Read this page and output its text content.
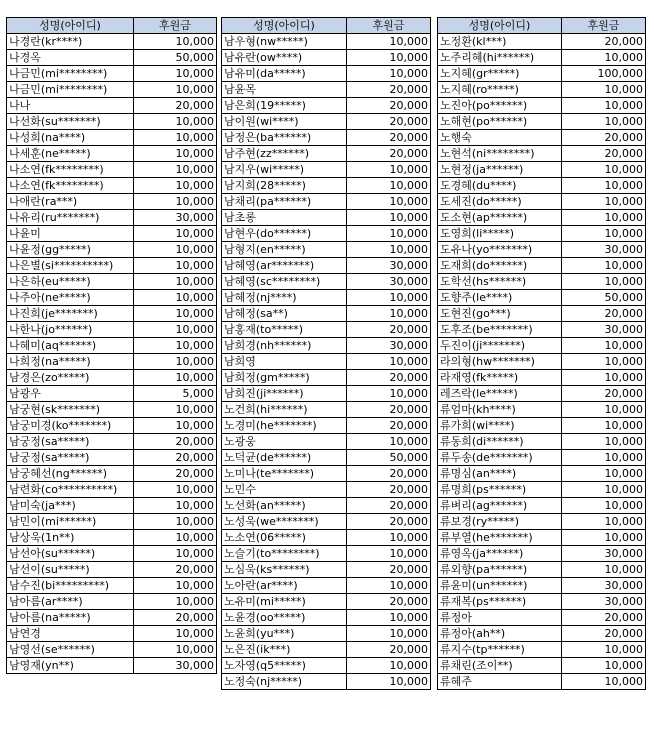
성명(아이디)	후원금
나경란(kr****)	10,000
나경옥	50,000
나금민(mi********)	10,000
나금민(mi********)	10,000
나나	20,000
나선화(su*******)	10,000
나성희(na****)	10,000
나세훈(ne*****)	10,000
나소연(fk********)	10,000
나소연(fk********)	10,000
나애란(ra***)	10,000
나유리(ru*******)	30,000
나윤미	10,000
나윤정(gg*****)	10,000
나은별(si**********)	10,000
나은하(eu*****)	10,000
나주아(ne*****)	10,000
나진희(je*******)	10,000
나한나(jo******)	10,000
나혜미(aq******)	10,000
나희정(na*****)	10,000
남경은(zo*****)	10,000
남광우	5,000
남궁현(sk*******)	10,000
남궁미경(ko*******)	10,000
남궁정(sa*****)	20,000
남궁정(sa*****)	20,000
남궁혜선(ng******)	20,000
남련화(co**********)	10,000
남미숙(ja***)	10,000
남민이(mi******)	10,000
남상욱(1n**)	10,000
남선아(su******)	10,000
남선이(su*****)	20,000
남수진(bi*********)	10,000
남아름(ar****)	10,000
남아름(na*****)	20,000
남연경	10,000
남영선(se******)	10,000
남영재(yn**)	30,000
성명(아이디)	후원금
남우형(nw*****)	10,000
남유란(ow****)	10,000
남유미(da*****)	10,000
남윤목	20,000
남은희(19*****)	20,000
남이원(wi****)	20,000
남정은(ba******)	20,000
남주현(zz******)	20,000
남지우(wi*****)	10,000
남지희(28*****)	10,000
남채리(pa******)	10,000
남초롱	10,000
남현우(do******)	10,000
남형지(en*****)	10,000
남혜영(ar*******)	30,000
남혜영(sc********)	30,000
남혜정(nj****)	10,000
남혜정(sa**)	10,000
남홍재(to*****)	20,000
남희경(nh******)	30,000
남희영	10,000
남희정(gm*****)	20,000
남희진(ji******)	10,000
노건희(hi******)	20,000
노경미(he*******)	20,000
노광웅	10,000
노덕균(de******)	50,000
노미나(te*******)	20,000
노민수	20,000
노선화(an*****)	20,000
노성욱(we*******)	20,000
노소연(06*****)	10,000
노슬기(to********)	10,000
노심욱(ks******)	20,000
노아란(ar****)	10,000
노유미(mi*****)	20,000
노윤경(oo*****)	10,000
노윤희(yu***)	10,000
노은진(ik***)	20,000
노자영(q5*****)	10,000
노정숙(nj*****)	10,000
성명(아이디)	후원금
노정환(kl***)	20,000
노주리혜(hi******)	10,000
노지혜(gr*****)	100,000
노지혜(ro*****)	10,000
노진아(po******)	10,000
노해현(po******)	10,000
노행숙	20,000
노현석(ni********)	20,000
노현정(ja******)	10,000
도경혜(du****)	10,000
도세진(do*****)	10,000
도소현(ap******)	10,000
도영희(li*****)	10,000
도유나(yo*******)	30,000
도재희(do******)	10,000
도학선(hs******)	10,000
도향주(le****)	50,000
도현진(go***)	20,000
도후조(be*******)	30,000
두진이(ji*******)	10,000
라의형(hw*******)	10,000
라재영(fk*****)	10,000
레즈락(le*****)	20,000
류엄마(kh****)	10,000
류가희(wi****)	10,000
류동희(di******)	10,000
류두송(de*******)	10,000
류명심(an****)	10,000
류명희(ps******)	10,000
류벼리(ag******)	10,000
류보경(ry*****)	10,000
류부열(he*******)	10,000
류영옥(ja******)	30,000
류외향(pa******)	10,000
류윤미(un******)	30,000
류재복(ps******)	30,000
류정아	20,000
류정아(ah**)	20,000
류지수(tp******)	10,000
류채린(조이**)	10,000
류혜주	10,000
